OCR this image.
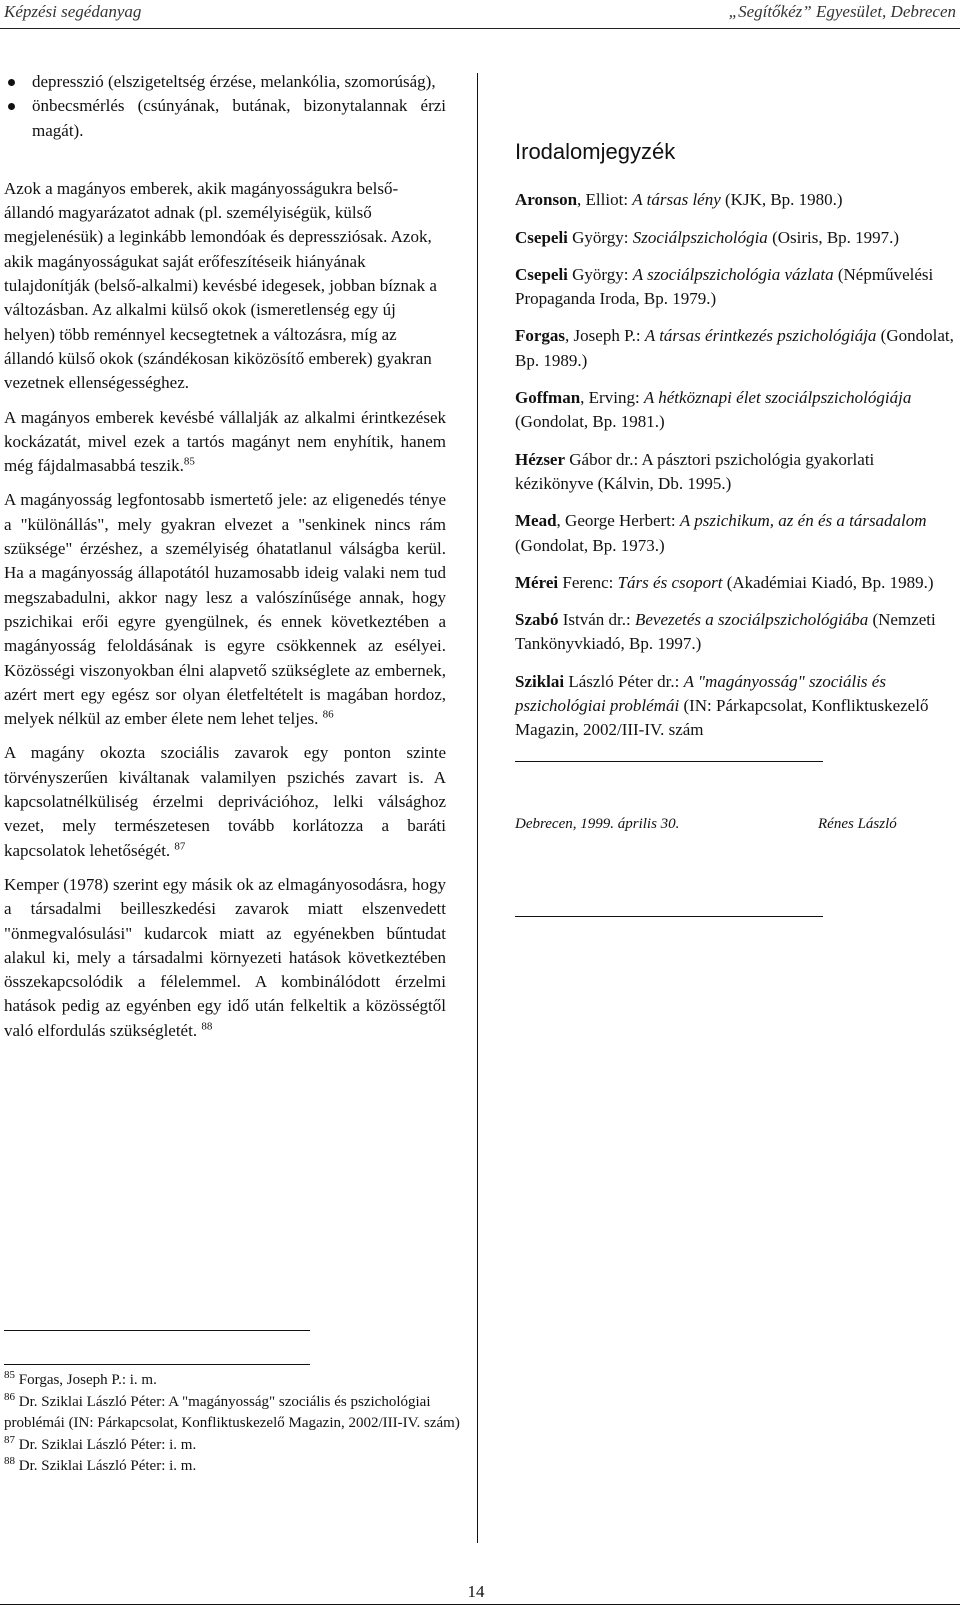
Képzési segédanyag	„Segítőkéz” Egyesület, Debrecen
depresszió (elszigeteltség érzése, melankólia, szomorúság),
önbecsmérlés (csúnyának, butának, bizonytalannak érzi magát).

Azok a magányos emberek, akik magányosságukra belső-állandó magyarázatot adnak (pl. személyiségük, külső megjelenésük) a leginkább lemondóak és depressziósak. Azok, akik magányosságukat saját erőfeszítéseik hiányának tulajdonítják (belső-alkalmi) kevésbé idegesek, jobban bíznak a változásban. Az alkalmi külső okok (ismeretlenség egy új helyen) több reménnyel kecsegtetnek a változásra, míg az állandó külső okok (szándékosan kiközösítő emberek) gyakran vezetnek ellenségességhez.

A magányos emberek kevésbé vállalják az alkalmi érintkezések kockázatát, mivel ezek a tartós magányt nem enyhítik, hanem még fájdalmasabbá teszik.$^{85}$

A magányosság legfontosabb ismertető jele: az eligenedés ténye a "különállás", mely gyakran elvezet a "senkinek nincs rám szüksége" érzéshez, a személyiség óhatatlanul válságba kerül. Ha a magányosság állapotától huzamosabb ideig valaki nem tud megszabadulni, akkor nagy lesz a valószínűsége annak, hogy pszichikai erői egyre gyengülnek, és ennek következtében a magányosság feloldásának is egyre csökkennek az esélyei. Közösségi viszonyokban élni alapvető szükséglete az embernek, azért mert egy egész sor olyan életfeltételt is magában hordoz, melyek nélkül az ember élete nem lehet teljes. $^{86}$

A magány okozta szociális zavarok egy ponton szinte törvényszerűen kiváltanak valamilyen pszichés zavart is. A kapcsolatnélküliség érzelmi deprivációhoz, lelki válsághoz vezet, mely természetesen tovább korlátozza a baráti kapcsolatok lehetőségét. $^{87}$

Kemper (1978) szerint egy másik ok az elmagányosodásra, hogy a társadalmi beilleszkedési zavarok miatt elszenvedett "önmegvalósulási" kudarcok miatt az egyénekben bűntudat alakul ki, mely a társadalmi környezeti hatások következtében összekapcsolódik a félelemmel. A kombinálódott érzelmi hatások pedig az egyénben egy idő után felkeltik a közösségtől való elfordulás szükségletét. $^{88}$

$^{85}$ Forgas, Joseph P.: i. m.

$^{86}$ Dr. Sziklai László Péter: A "magányosság" szociális és pszichológiai problémái (IN: Párkapcsolat, Konfliktuskezelő Magazin, 2002/III-IV. szám)

$^{87}$ Dr. Sziklai László Péter: i. m.

$^{88}$ Dr. Sziklai László Péter: i. m.

Irodalomjegyzék

Aronson, Elliot: A társas lény (KJK, Bp. 1980.)

Csepeli György: Szociálpszichológia (Osiris, Bp. 1997.)

Csepeli György: A szociálpszichológia vázlata (Népművelési Propaganda Iroda, Bp. 1979.)

Forgas, Joseph P.: A társas érintkezés pszichológiája (Gondolat, Bp. 1989.)

Goffman, Erving: A hétköznapi élet szociálpszichológiája (Gondolat, Bp. 1981.)

Hézser Gábor dr.: A pásztori pszichológia gyakorlati kézikönyve (Kálvin, Db. 1995.)

Mead, George Herbert: A pszichikum, az én és a társadalom (Gondolat, Bp. 1973.)

Mérei Ferenc: Társ és csoport (Akadémiai Kiadó, Bp. 1989.)

Szabó István dr.: Bevezetés a szociálpszichológiába (Nemzeti Tankönyvkiadó, Bp. 1997.)

Sziklai László Péter dr.: A "magányosság" szociális és pszichológiai problémái (IN: Párkapcsolat, Konfliktuskezelő Magazin, 2002/III-IV. szám

Debrecen, 1999. április 30.	Rénes László
14
